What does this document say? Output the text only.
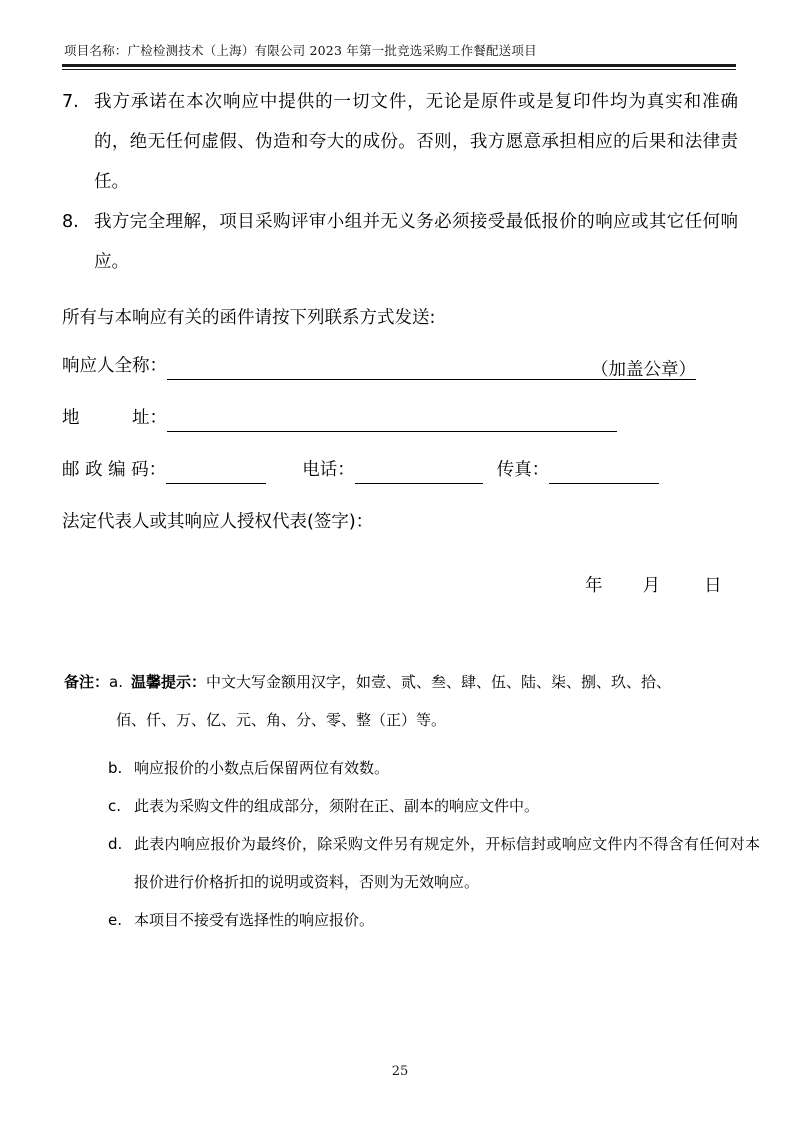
项目名称：广检检测技术（上海）有限公司 2023 年第一批竞选采购工作餐配送项目
7. 我方承诺在本次响应中提供的一切文件，无论是原件或是复印件均为真实和准确的，绝无任何虚假、伪造和夸大的成份。否则，我方愿意承担相应的后果和法律责任。
8. 我方完全理解，项目采购评审小组并无义务必须接受最低报价的响应或其它任何响应。
所有与本响应有关的函件请按下列联系方式发送:
响应人全称：	（加盖公章）
地　　　址：
邮 政 编 码：
	电话：
	传真：
法定代表人或其响应人授权代表(签字)：
年 月	日
备注：a. 温馨提示：中文大写金额用汉字，如壹、贰、叁、肆、伍、陆、柒、捌、玖、拾、
佰、仟、万、亿、元、角、分、零、整（正）等。
b. 响应报价的小数点后保留两位有效数。
c. 此表为采购文件的组成部分，须附在正、副本的响应文件中。
d. 此表内响应报价为最终价，除采购文件另有规定外，开标信封或响应文件内不得含有任何对本报价进行价格折扣的说明或资料，否则为无效响应。
e. 本项目不接受有选择性的响应报价。
25
